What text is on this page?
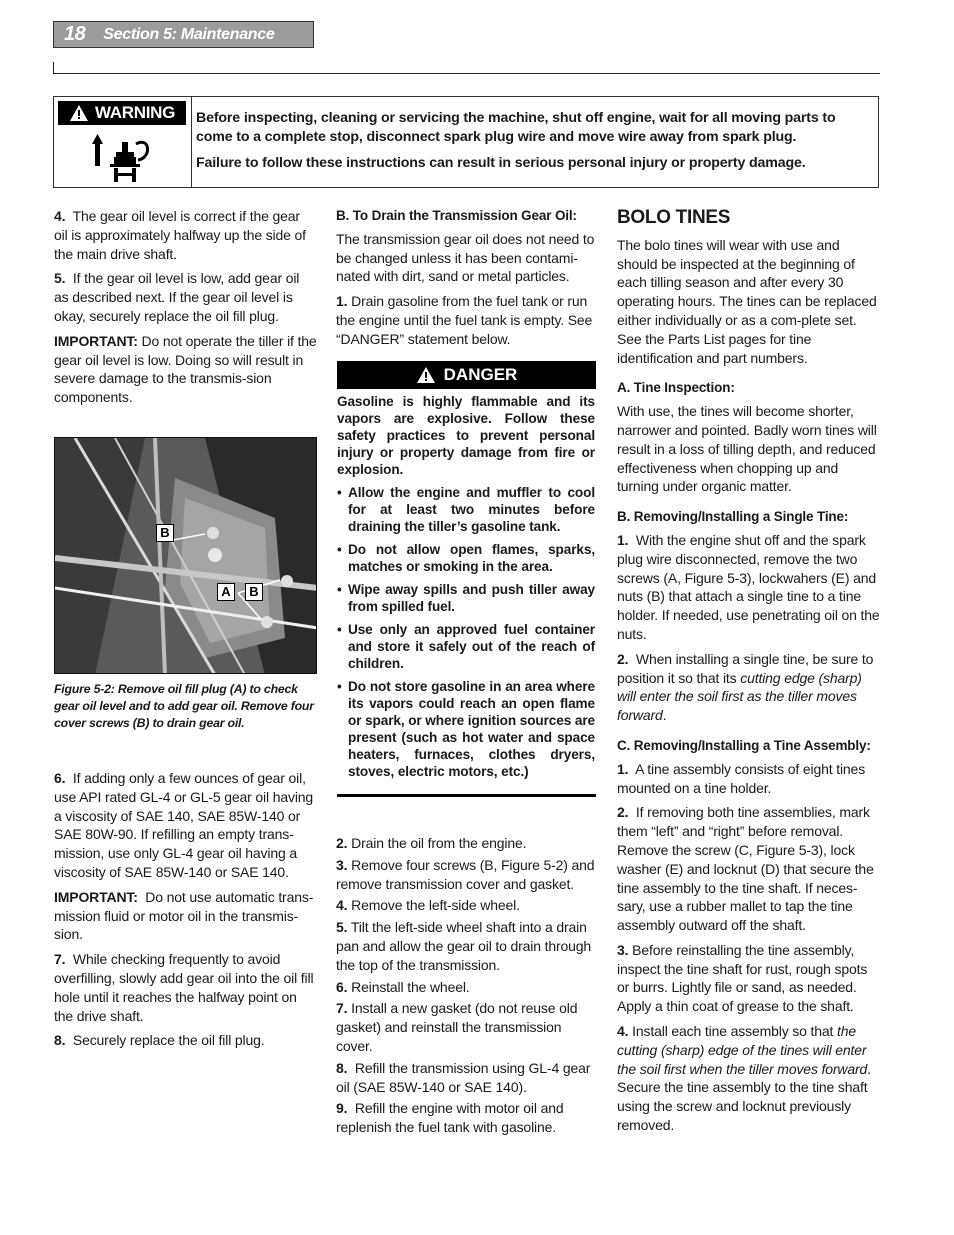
18 Section 5: Maintenance
WARNING Before inspecting, cleaning or servicing the machine, shut off engine, wait for all moving parts to come to a complete stop, disconnect spark plug wire and move wire away from spark plug.

Failure to follow these instructions can result in serious personal injury or property damage.

4. The gear oil level is correct if the gear oil is approximately halfway up the side of the main drive shaft.

5. If the gear oil level is low, add gear oil as described next. If the gear oil level is okay, securely replace the oil fill plug.

IMPORTANT: Do not operate the tiller if the gear oil level is low. Doing so will result in severe damage to the transmis-sion components.

B
A	B
Figure 5-2: Remove oil fill plug (A) to check gear oil level and to add gear oil. Remove four cover screws (B) to drain gear oil.

6. If adding only a few ounces of gear oil, use API rated GL-4 or GL-5 gear oil having a viscosity of SAE 140, SAE 85W-140 or SAE 80W-90. If refilling an empty trans-mission, use only GL-4 gear oil having a viscosity of SAE 85W-140 or SAE 140.

IMPORTANT: Do not use automatic trans-mission fluid or motor oil in the transmis-sion.

7. While checking frequently to avoid overfilling, slowly add gear oil into the oil fill hole until it reaches the halfway point on the drive shaft.

8. Securely replace the oil fill plug.

B. To Drain the Transmission Gear Oil:

The transmission gear oil does not need to be changed unless it has been contami-nated with dirt, sand or metal particles.

1. Drain gasoline from the fuel tank or run the engine until the fuel tank is empty. See “DANGER” statement below.

DANGER

Gasoline is highly flammable and its vapors are explosive. Follow these safety practices to prevent personal injury or property damage from fire or explosion.

• Allow the engine and muffler to cool for at least two minutes before draining the tiller’s gasoline tank.
• Do not allow open flames, sparks, matches or smoking in the area.
• Wipe away spills and push tiller away from spilled fuel.
• Use only an approved fuel container and store it safely out of the reach of children.
• Do not store gasoline in an area where its vapors could reach an open flame or spark, or where ignition sources are present (such as hot water and space heaters, furnaces, clothes dryers, stoves, electric motors, etc.)

2. Drain the oil from the engine.

3. Remove four screws (B, Figure 5-2) and remove transmission cover and gasket.

4. Remove the left-side wheel.

5. Tilt the left-side wheel shaft into a drain pan and allow the gear oil to drain through the top of the transmission.

6. Reinstall the wheel.

7. Install a new gasket (do not reuse old gasket) and reinstall the transmission cover.

8. Refill the transmission using GL-4 gear oil (SAE 85W-140 or SAE 140).

9. Refill the engine with motor oil and replenish the fuel tank with gasoline.

BOLO TINES

The bolo tines will wear with use and should be inspected at the beginning of each tilling season and after every 30 operating hours. The tines can be replaced either individually or as a com-plete set. See the Parts List pages for tine identification and part numbers.

A. Tine Inspection:

With use, the tines will become shorter, narrower and pointed. Badly worn tines will result in a loss of tilling depth, and reduced effectiveness when chopping up and turning under organic matter.

B. Removing/Installing a Single Tine:

1. With the engine shut off and the spark plug wire disconnected, remove the two screws (A, Figure 5-3), lockwahers (E) and nuts (B) that attach a single tine to a tine holder. If needed, use penetrating oil on the nuts.

2. When installing a single tine, be sure to position it so that its cutting edge (sharp) will enter the soil first as the tiller moves forward.

C. Removing/Installing a Tine Assembly:

1. A tine assembly consists of eight tines mounted on a tine holder.

2. If removing both tine assemblies, mark them “left” and “right” before removal. Remove the screw (C, Figure 5-3), lock washer (E) and locknut (D) that secure the tine assembly to the tine shaft. If neces-sary, use a rubber mallet to tap the tine assembly outward off the shaft.

3. Before reinstalling the tine assembly, inspect the tine shaft for rust, rough spots or burrs. Lightly file or sand, as needed. Apply a thin coat of grease to the shaft.

4. Install each tine assembly so that the cutting (sharp) edge of the tines will enter the soil first when the tiller moves forward. Secure the tine assembly to the tine shaft using the screw and locknut previously removed.
